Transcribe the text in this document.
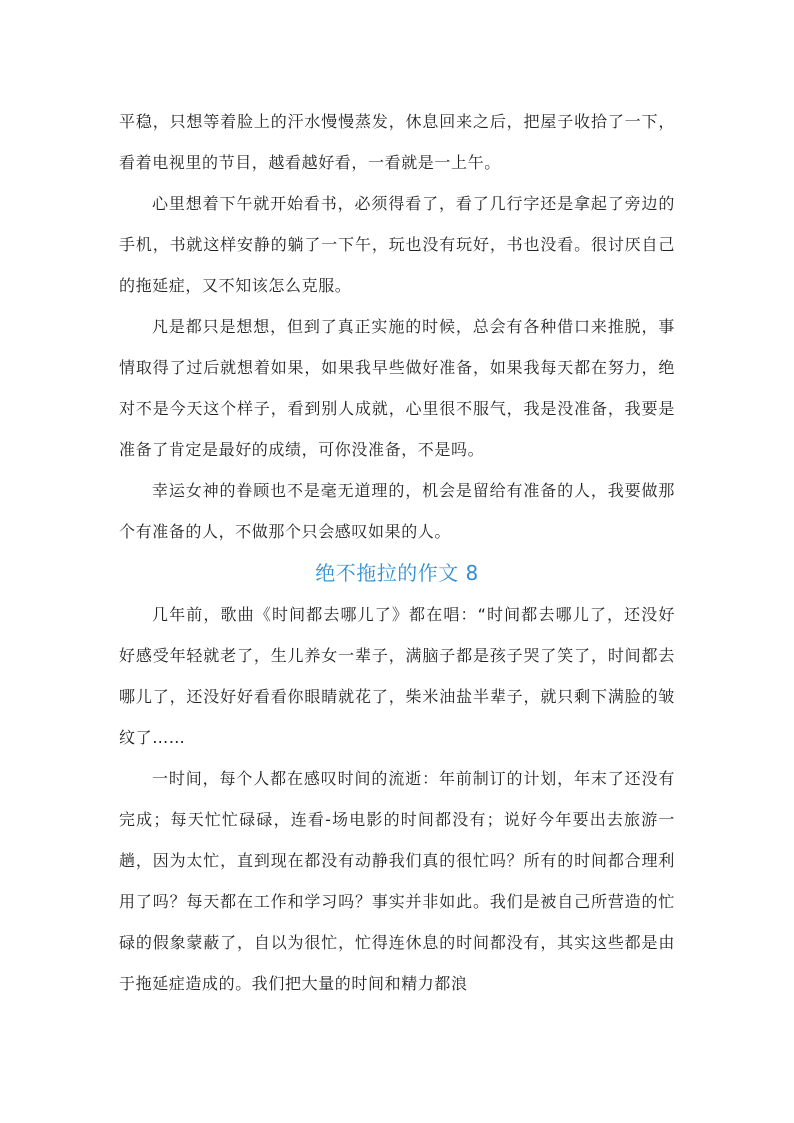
平稳，只想等着脸上的汗水慢慢蒸发，休息回来之后，把屋子收拾了一下，看着电视里的节目，越看越好看，一看就是一上午。

心里想着下午就开始看书，必须得看了，看了几行字还是拿起了旁边的手机，书就这样安静的躺了一下午，玩也没有玩好，书也没看。很讨厌自己的拖延症，又不知该怎么克服。

凡是都只是想想，但到了真正实施的时候，总会有各种借口来推脱，事情取得了过后就想着如果，如果我早些做好准备，如果我每天都在努力，绝对不是今天这个样子，看到别人成就，心里很不服气，我是没准备，我要是准备了肯定是最好的成绩，可你没准备，不是吗。

幸运女神的眷顾也不是毫无道理的，机会是留给有准备的人，我要做那个有准备的人，不做那个只会感叹如果的人。

绝不拖拉的作文 8

几年前，歌曲《时间都去哪儿了》都在唱：“时间都去哪儿了，还没好好感受年轻就老了，生儿养女一辈子，满脑子都是孩子哭了笑了，时间都去哪儿了，还没好好看看你眼睛就花了，柴米油盐半辈子，就只剩下满脸的皱纹了……

一时间，每个人都在感叹时间的流逝：年前制订的计划，年末了还没有完成；每天忙忙碌碌，连看-场电影的时间都没有；说好今年要出去旅游一趟，因为太忙，直到现在都没有动静我们真的很忙吗？所有的时间都合理利用了吗？每天都在工作和学习吗？事实并非如此。我们是被自己所营造的忙碌的假象蒙蔽了，自以为很忙，忙得连休息的时间都没有，其实这些都是由于拖延症造成的。我们把大量的时间和精力都浪
